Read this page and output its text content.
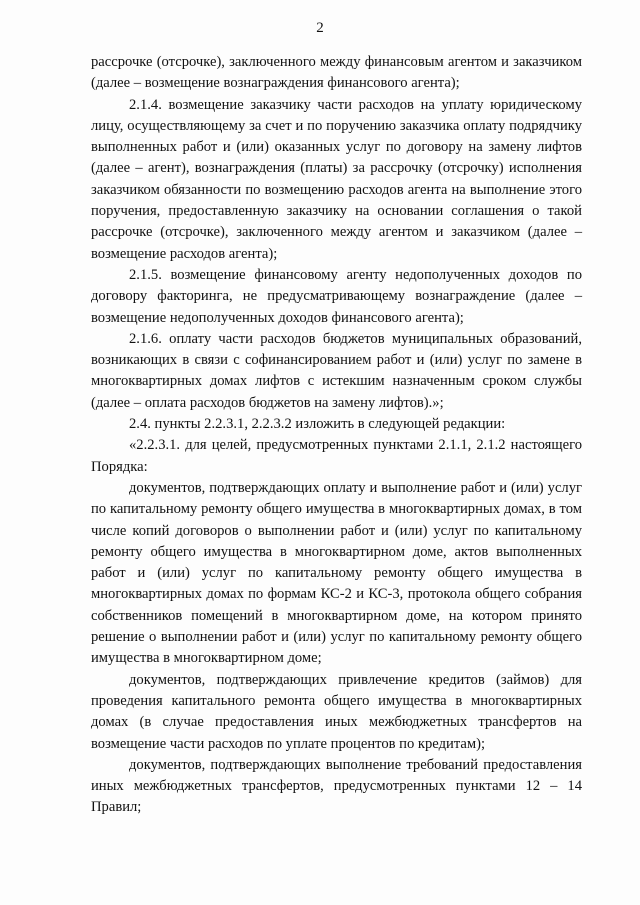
2

рассрочке (отсрочке), заключенного между финансовым агентом и заказчиком (далее – возмещение вознаграждения финансового агента);

2.1.4. возмещение заказчику части расходов на уплату юридическому лицу, осуществляющему за счет и по поручению заказчика оплату подрядчику выполненных работ и (или) оказанных услуг по договору на замену лифтов (далее – агент), вознаграждения (платы) за рассрочку (отсрочку) исполнения заказчиком обязанности по возмещению расходов агента на выполнение этого поручения, предоставленную заказчику на основании соглашения о такой рассрочке (отсрочке), заключенного между агентом и заказчиком (далее – возмещение расходов агента);

2.1.5. возмещение финансовому агенту недополученных доходов по договору факторинга, не предусматривающему вознаграждение (далее – возмещение недополученных доходов финансового агента);

2.1.6. оплату части расходов бюджетов муниципальных образований, возникающих в связи с софинансированием работ и (или) услуг по замене в многоквартирных домах лифтов с истекшим назначенным сроком службы (далее – оплата расходов бюджетов на замену лифтов).»;

2.4. пункты 2.2.3.1, 2.2.3.2 изложить в следующей редакции:

«2.2.3.1. для целей, предусмотренных пунктами 2.1.1, 2.1.2 настоящего Порядка:

документов, подтверждающих оплату и выполнение работ и (или) услуг по капитальному ремонту общего имущества в многоквартирных домах, в том числе копий договоров о выполнении работ и (или) услуг по капитальному ремонту общего имущества в многоквартирном доме, актов выполненных работ и (или) услуг по капитальному ремонту общего имущества в многоквартирных домах по формам КС-2 и КС-3, протокола общего собрания собственников помещений в многоквартирном доме, на котором принято решение о выполнении работ и (или) услуг по капитальному ремонту общего имущества в многоквартирном доме;

документов, подтверждающих привлечение кредитов (займов) для проведения капитального ремонта общего имущества в многоквартирных домах (в случае предоставления иных межбюджетных трансфертов на возмещение части расходов по уплате процентов по кредитам);

документов, подтверждающих выполнение требований предоставления иных межбюджетных трансфертов, предусмотренных пунктами 12 – 14 Правил;
